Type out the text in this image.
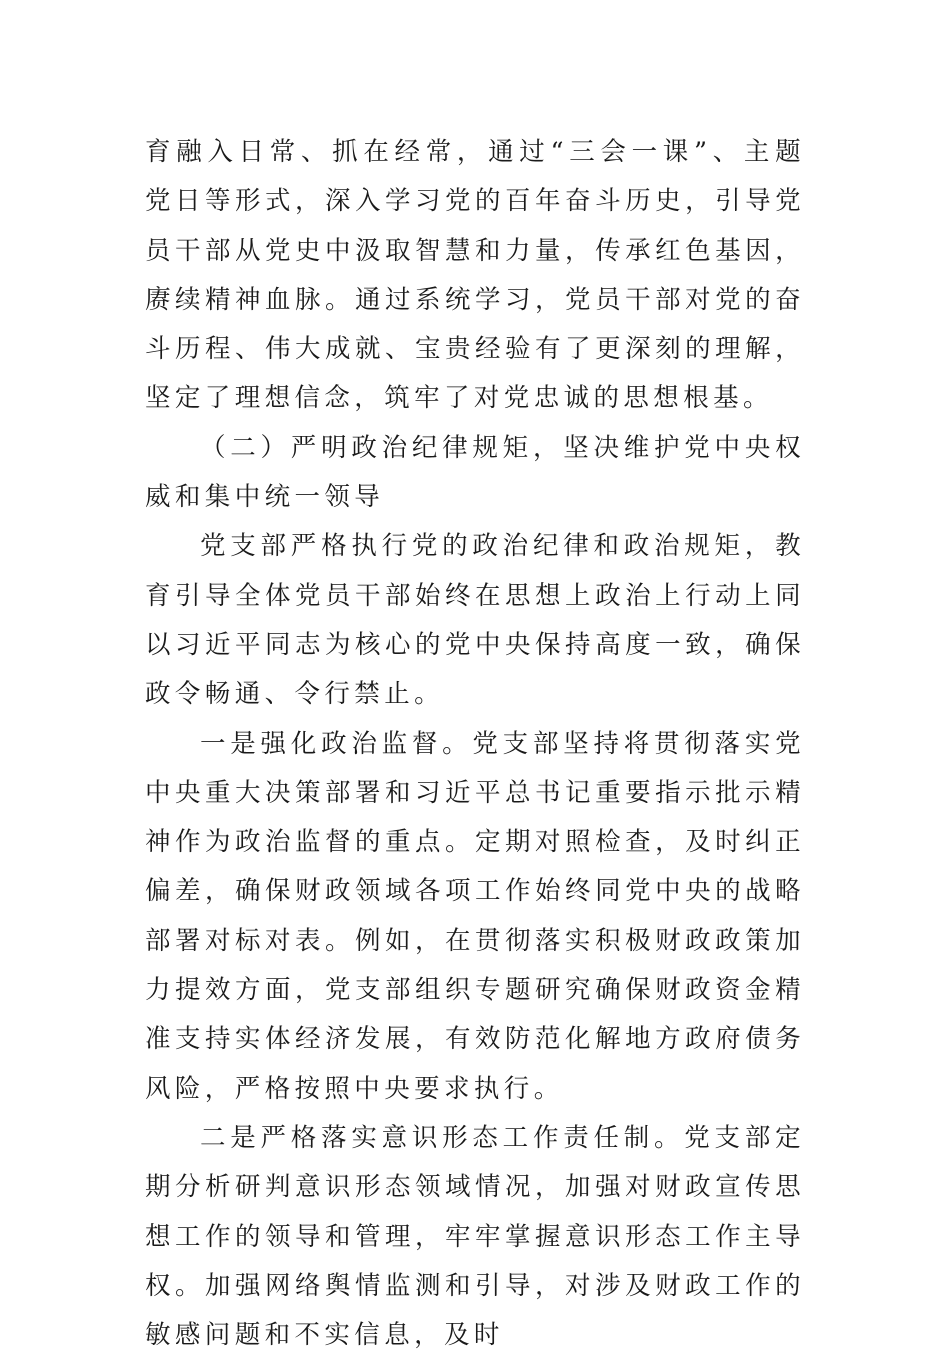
育融入日常、抓在经常，通过“三会一课”、主题党日等形式，深入学习党的百年奋斗历史，引导党员干部从党史中汲取智慧和力量，传承红色基因，赓续精神血脉。通过系统学习，党员干部对党的奋斗历程、伟大成就、宝贵经验有了更深刻的理解，坚定了理想信念，筑牢了对党忠诚的思想根基。

（二）严明政治纪律规矩，坚决维护党中央权威和集中统一领导

党支部严格执行党的政治纪律和政治规矩，教育引导全体党员干部始终在思想上政治上行动上同以习近平同志为核心的党中央保持高度一致，确保政令畅通、令行禁止。

一是强化政治监督。党支部坚持将贯彻落实党中央重大决策部署和习近平总书记重要指示批示精神作为政治监督的重点。定期对照检查，及时纠正偏差，确保财政领域各项工作始终同党中央的战略部署对标对表。例如，在贯彻落实积极财政政策加力提效方面，党支部组织专题研究确保财政资金精准支持实体经济发展，有效防范化解地方政府债务风险，严格按照中央要求执行。

二是严格落实意识形态工作责任制。党支部定期分析研判意识形态领域情况，加强对财政宣传思想工作的领导和管理，牢牢掌握意识形态工作主导权。加强网络舆情监测和引导，对涉及财政工作的敏感问题和不实信息，及时
